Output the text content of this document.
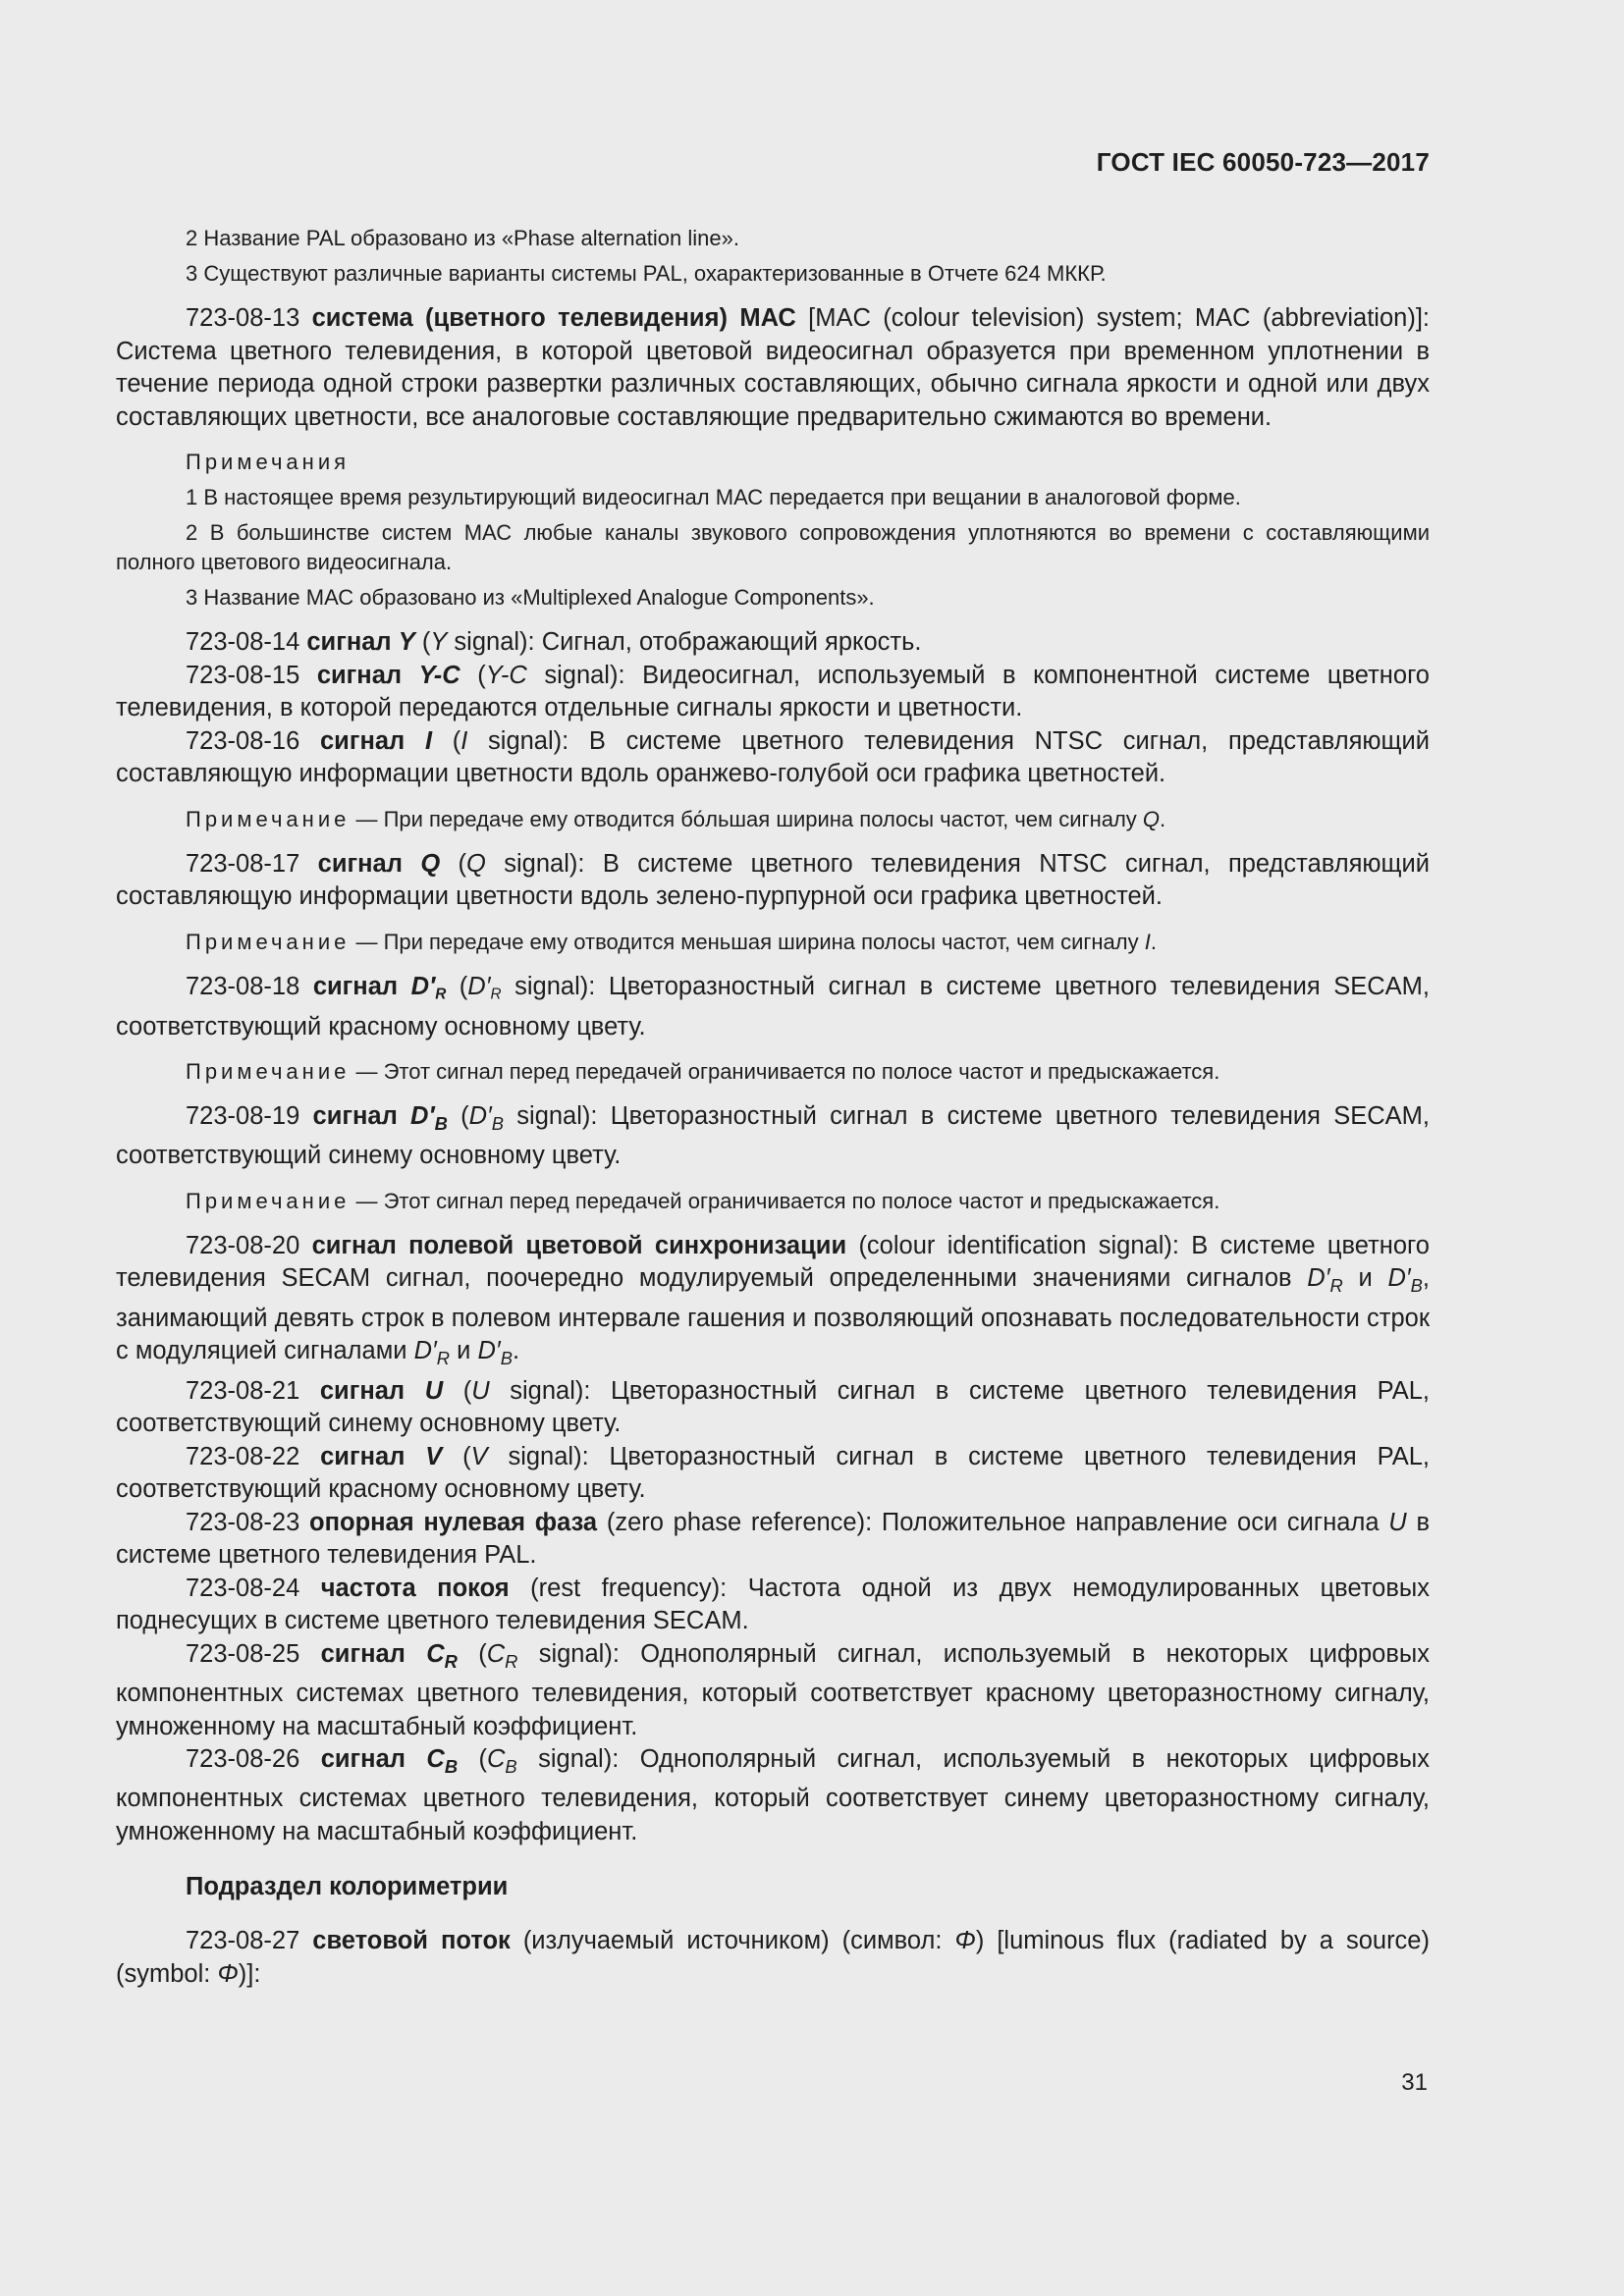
ГОСТ IEC 60050-723—2017

2 Название PAL образовано из «Phase alternation line».

3 Существуют различные варианты системы PAL, охарактеризованные в Отчете 624 МККР.

723-08-13 система (цветного телевидения) МАС [MAC (colour television) system; MAC (abbreviation)]: Система цветного телевидения, в которой цветовой видеосигнал образуется при временном уплотнении в течение периода одной строки развертки различных составляющих, обычно сигнала яркости и одной или двух составляющих цветности, все аналоговые составляющие предварительно сжимаются во времени.

Примечания

1 В настоящее время результирующий видеосигнал МАС передается при вещании в аналоговой форме.

2 В большинстве систем МАС любые каналы звукового сопровождения уплотняются во времени с составляющими полного цветового видеосигнала.

3 Название МАС образовано из «Multiplexed Analogue Components».

723-08-14 сигнал Y (Y signal): Сигнал, отображающий яркость.

723-08-15 сигнал Y-C (Y-C signal): Видеосигнал, используемый в компонентной системе цветного телевидения, в которой передаются отдельные сигналы яркости и цветности.

723-08-16 сигнал I (I signal): В системе цветного телевидения NTSC сигнал, представляющий составляющую информации цветности вдоль оранжево-голубой оси графика цветностей.

Примечание — При передаче ему отводится бо́льшая ширина полосы частот, чем сигналу Q.

723-08-17 сигнал Q (Q signal): В системе цветного телевидения NTSC сигнал, представляющий составляющую информации цветности вдоль зелено-пурпурной оси графика цветностей.

Примечание — При передаче ему отводится меньшая ширина полосы частот, чем сигналу I.

723-08-18 сигнал D′R (D′R signal): Цветоразностный сигнал в системе цветного телевидения SECAM, соответствующий красному основному цвету.

Примечание — Этот сигнал перед передачей ограничивается по полосе частот и предыскажается.

723-08-19 сигнал $D'_B$ ($D'_B$ signal): Цветоразностный сигнал в системе цветного телевидения SECAM, соответствующий синему основному цвету.

Примечание — Этот сигнал перед передачей ограничивается по полосе частот и предыскажается.

723-08-20 сигнал полевой цветовой синхронизации (colour identification signal): В системе цветного телевидения SECAM сигнал, поочередно модулируемый определенными значениями сигналов $D'_R$ и $D'_B$, занимающий девять строк в полевом интервале гашения и позволяющий опознавать последовательности строк с модуляцией сигналами $D'_R$ и $D'_B$.

723-08-21 сигнал U (U signal): Цветоразностный сигнал в системе цветного телевидения PAL, соответствующий синему основному цвету.

723-08-22 сигнал V (V signal): Цветоразностный сигнал в системе цветного телевидения PAL, соответствующий красному основному цвету.

723-08-23 опорная нулевая фаза (zero phase reference): Положительное направление оси сигнала U в системе цветного телевидения PAL.

723-08-24 частота покоя (rest frequency): Частота одной из двух немодулированных цветовых поднесущих в системе цветного телевидения SECAM.

723-08-25 сигнал $C_R$ ($C_R$ signal): Однополярный сигнал, используемый в некоторых цифровых компонентных системах цветного телевидения, который соответствует красному цветоразностному сигналу, умноженному на масштабный коэффициент.

723-08-26 сигнал $C_B$ ($C_B$ signal): Однополярный сигнал, используемый в некоторых цифровых компонентных системах цветного телевидения, который соответствует синему цветоразностному сигналу, умноженному на масштабный коэффициент.

Подраздел колориметрии

723-08-27 световой поток (излучаемый источником) (символ: Φ) [luminous flux (radiated by a source) (symbol: Φ)]:

31
